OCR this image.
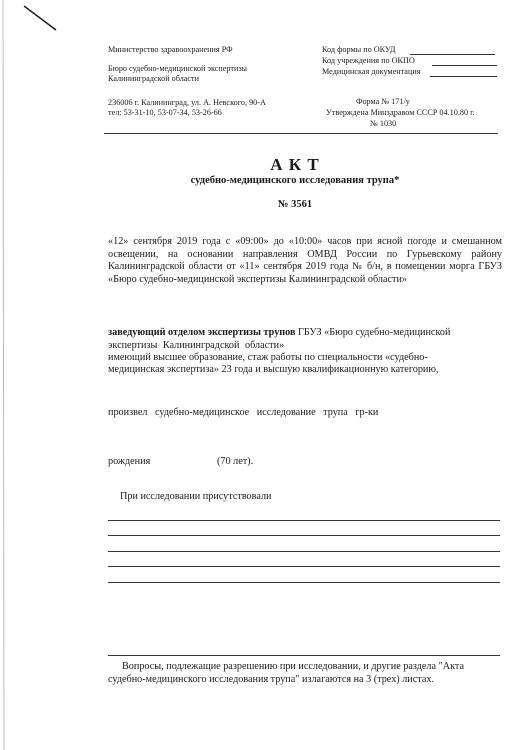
Министерство здравоохранения РФ
Бюро судебно-медицинской экспертизы
Калининградской области
236006 г. Калининград, ул. А. Невского, 90-А
тел: 53-31-10, 53-07-34, 53-26-66
Код формы по ОКУД
Код учреждения по ОКПО
Медицинская документация
Форма № 171/у
Утверждена Минздравом СССР 04.10.80 г.
№ 1030
А К Т
судебно-медицинского исследования трупа*
№ 3561
«12» сентября 2019 года с «09:00» до «10:00» часов при ясной погоде и смешанном освещении, на основании направления ОМВД России по Гурьевскому району Калининградской области от «11» сентября 2019 года № б/н, в помещении морга ГБУЗ «Бюро судебно-медицинской экспертизы Калининградской области»
заведующий отделом экспертизы трупов ГБУЗ «Бюро судебно-медицинской
экспертизы Калининградской области»
имеющий высшее образование, стаж работы по специальности «судебно-
медицинская экспертиза» 23 года и высшую квалификационную категорию,
произвел судебно-медицинское исследование трупа гр-ки
рождения	(70 лет).
При исследовании присутствовали
Вопросы, подлежащие разрешению при исследовании, и другие раздела "Акта
судебно-медицинского исследования трупа" излагаются на 3 (трех) листах.
